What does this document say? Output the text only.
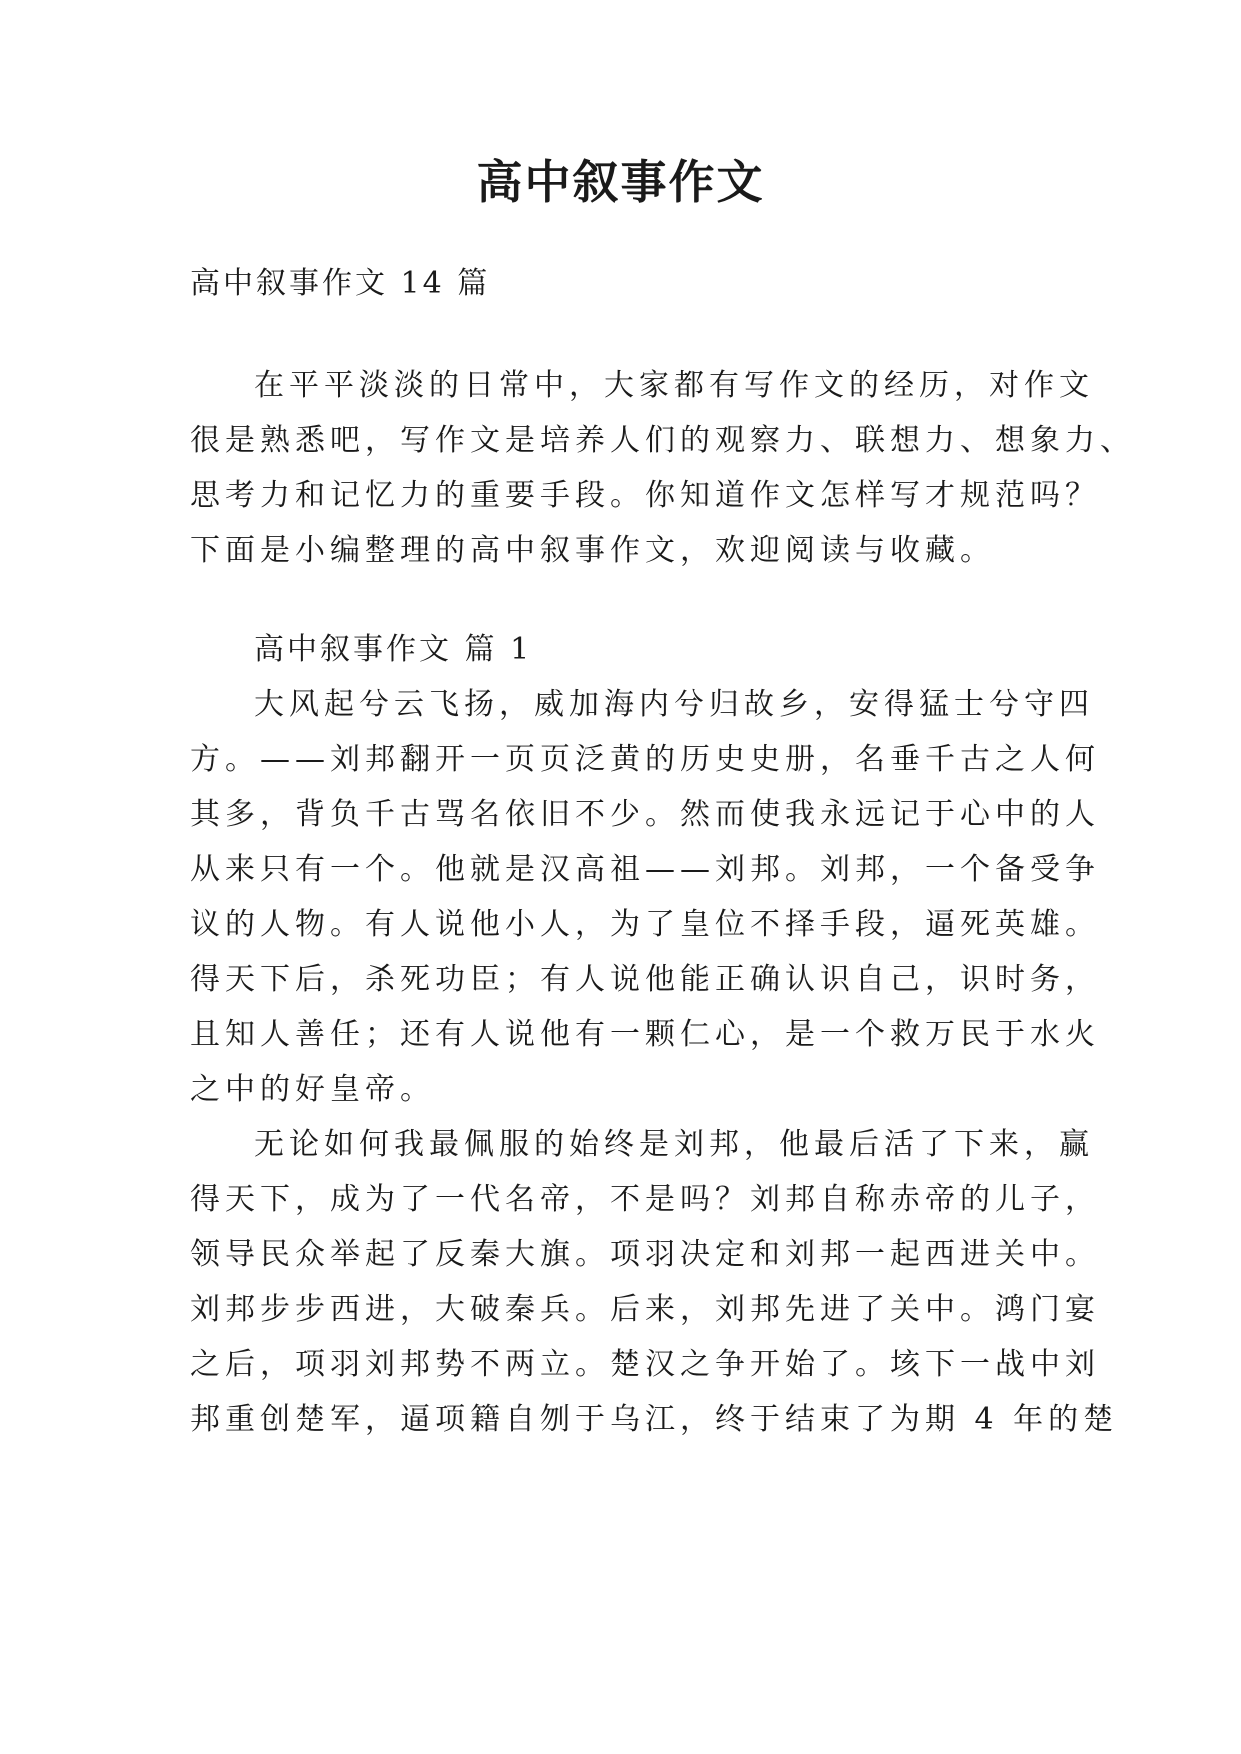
高中叙事作文
高中叙事作文 14 篇
在平平淡淡的日常中，大家都有写作文的经历，对作文
很是熟悉吧，写作文是培养人们的观察力、联想力、想象力、
思考力和记忆力的重要手段。你知道作文怎样写才规范吗？
下面是小编整理的高中叙事作文，欢迎阅读与收藏。
高中叙事作文 篇 1
大风起兮云飞扬，威加海内兮归故乡，安得猛士兮守四
方。——刘邦翻开一页页泛黄的历史史册，名垂千古之人何
其多，背负千古骂名依旧不少。然而使我永远记于心中的人
从来只有一个。他就是汉高祖——刘邦。刘邦，一个备受争
议的人物。有人说他小人，为了皇位不择手段，逼死英雄。
得天下后，杀死功臣；有人说他能正确认识自己，识时务，
且知人善任；还有人说他有一颗仁心，是一个救万民于水火
之中的好皇帝。
无论如何我最佩服的始终是刘邦，他最后活了下来，赢
得天下，成为了一代名帝，不是吗？刘邦自称赤帝的儿子，
领导民众举起了反秦大旗。项羽决定和刘邦一起西进关中。
刘邦步步西进，大破秦兵。后来，刘邦先进了关中。鸿门宴
之后，项羽刘邦势不两立。楚汉之争开始了。垓下一战中刘
邦重创楚军，逼项籍自刎于乌江，终于结束了为期 4 年的楚
